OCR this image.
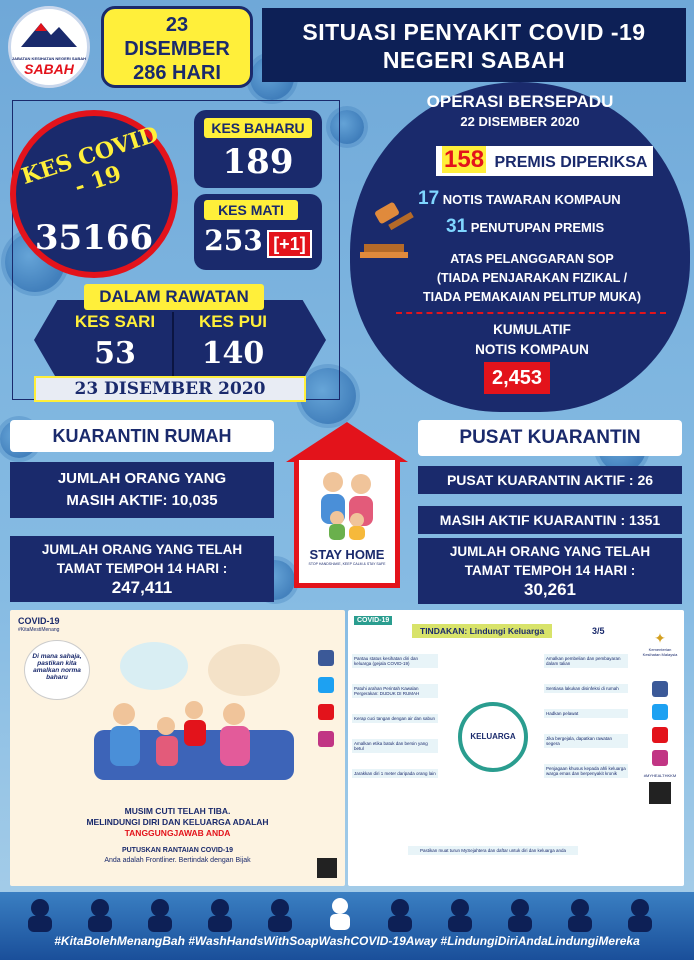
JABATAN KESIHATAN NEGERI SABAH
SABAH
23
DISEMBER
286 HARI
SITUASI PENYAKIT COVID -19
NEGERI SABAH
KES COVID - 19
35166
KES BAHARU
189
KES MATI
253 [+1]
DALAM RAWATAN
KES SARI
53
KES PUI
140
23 DISEMBER 2020
OPERASI BERSEPADU
22 DISEMBER 2020
158 PREMIS DIPERIKSA
17 NOTIS TAWARAN KOMPAUN
31 PENUTUPAN PREMIS
ATAS PELANGGARAN SOP
(TIADA PENJARAKAN FIZIKAL /
TIADA PEMAKAIAN PELITUP MUKA)
KUMULATIF
NOTIS KOMPAUN
2,453
KUARANTIN RUMAH
JUMLAH ORANG YANG
MASIH AKTIF: 10,035
JUMLAH ORANG YANG TELAH
TAMAT TEMPOH 14 HARI :
247,411
STAY HOME
STOP HANDSHAKE, KEEP CALM & STAY SAFE
PUSAT KUARANTIN
PUSAT KUARANTIN AKTIF : 26
MASIH AKTIF KUARANTIN : 1351
JUMLAH ORANG YANG TELAH
TAMAT TEMPOH 14 HARI :
30,261
COVID-19
#KitaMestiMenang
Di mana sahaja, pastikan kita amalkan norma baharu

MUSIM CUTI TELAH TIBA.
MELINDUNGI DIRI DAN KELUARGA ADALAH
TANGGUNGJAWAB ANDA
PUTUSKAN RANTAIAN COVID-19
Anda adalah Frontliner. Bertindak dengan Bijak
COVID-19
TINDAKAN: Lindungi Keluarga	3/5
Pantau status kesihatan diri dan keluarga (gejala COVID-19)
Patuhi arahan Perintah Kawalan Pergerakan: DUDUK DI RUMAH
Kerap cuci tangan dengan air dan sabun
Amalkan etika batuk dan bersin yang betul
Jarakkan diri 1 meter daripada orang lain
Amalkan pembelian dan pembayaran dalam talian
Sentiasa lakukan disinfeksi di rumah
Hadkan pelawat
Jika bergejala, dapatkan rawatan segera
Penjagaan khusus kepada ahli keluarga warga emas dan berpenyakit kronik
KELUARGA
Pastikan muat turun MySejahtera dan daftar untuk diri dan keluarga anda
✦
Kementerian Kesihatan Malaysia

#MYHEALTHKKM
#KitaBolehMenangBah #WashHandsWithSoapWashCOVID-19Away #LindungiDiriAndaLindungiMereka
